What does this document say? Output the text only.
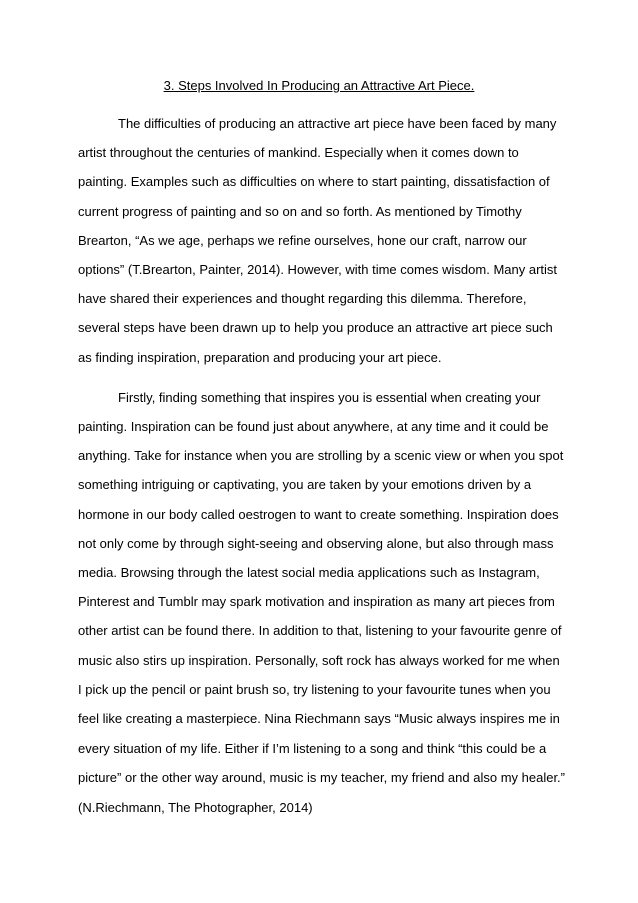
3. Steps Involved In Producing an Attractive Art Piece.
The difficulties of producing an attractive art piece have been faced by many
artist throughout the centuries of mankind. Especially when it comes down to
painting. Examples such as difficulties on where to start painting, dissatisfaction of
current progress of painting and so on and so forth. As mentioned by Timothy
Brearton, “As we age, perhaps we refine ourselves, hone our craft, narrow our
options” (T.Brearton, Painter, 2014). However, with time comes wisdom. Many artist
have shared their experiences and thought regarding this dilemma. Therefore,
several steps have been drawn up to help you produce an attractive art piece such
as finding inspiration, preparation and producing your art piece.
Firstly, finding something that inspires you is essential when creating your
painting. Inspiration can be found just about anywhere, at any time and it could be
anything. Take for instance when you are strolling by a scenic view or when you spot
something intriguing or captivating, you are taken by your emotions driven by a
hormone in our body called oestrogen to want to create something. Inspiration does
not only come by through sight-seeing and observing alone, but also through mass
media. Browsing through the latest social media applications such as Instagram,
Pinterest and Tumblr may spark motivation and inspiration as many art pieces from
other artist can be found there. In addition to that, listening to your favourite genre of
music also stirs up inspiration. Personally, soft rock has always worked for me when
I pick up the pencil or paint brush so, try listening to your favourite tunes when you
feel like creating a masterpiece. Nina Riechmann says “Music always inspires me in
every situation of my life. Either if I’m listening to a song and think “this could be a
picture” or the other way around, music is my teacher, my friend and also my healer.”
(N.Riechmann, The Photographer, 2014)
